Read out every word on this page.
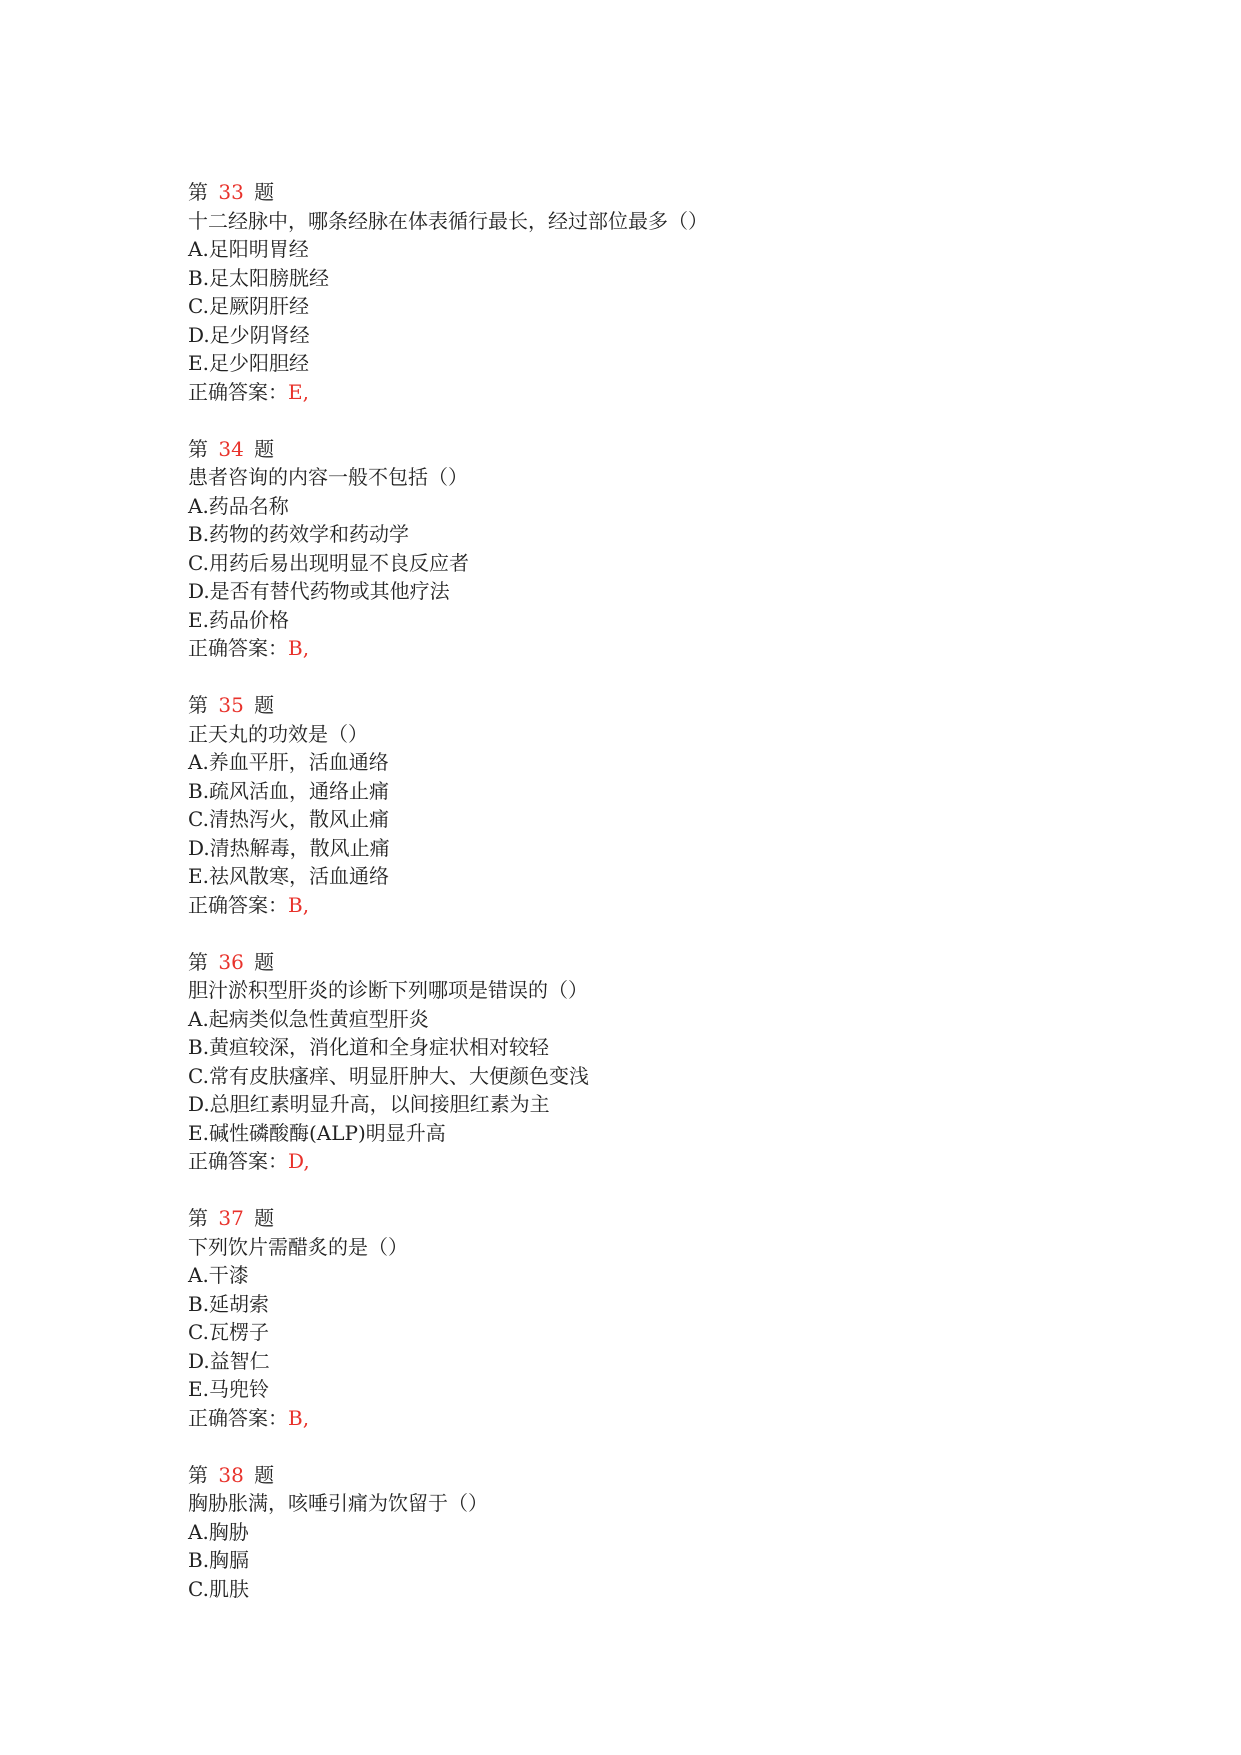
第 33 题
十二经脉中，哪条经脉在体表循行最长，经过部位最多（）
A.足阳明胃经
B.足太阳膀胱经
C.足厥阴肝经
D.足少阴肾经
E.足少阳胆经
正确答案：E,
第 34 题
患者咨询的内容一般不包括（）
A.药品名称
B.药物的药效学和药动学
C.用药后易出现明显不良反应者
D.是否有替代药物或其他疗法
E.药品价格
正确答案：B,
第 35 题
正天丸的功效是（）
A.养血平肝，活血通络
B.疏风活血，通络止痛
C.清热泻火，散风止痛
D.清热解毒，散风止痛
E.祛风散寒，活血通络
正确答案：B,
第 36 题
胆汁淤积型肝炎的诊断下列哪项是错误的（）
A.起病类似急性黄疸型肝炎
B.黄疸较深，消化道和全身症状相对较轻
C.常有皮肤瘙痒、明显肝肿大、大便颜色变浅
D.总胆红素明显升高，以间接胆红素为主
E.碱性磷酸酶(ALP)明显升高
正确答案：D,
第 37 题
下列饮片需醋炙的是（）
A.干漆
B.延胡索
C.瓦楞子
D.益智仁
E.马兜铃
正确答案：B,
第 38 题
胸胁胀满，咳唾引痛为饮留于（）
A.胸胁
B.胸膈
C.肌肤
